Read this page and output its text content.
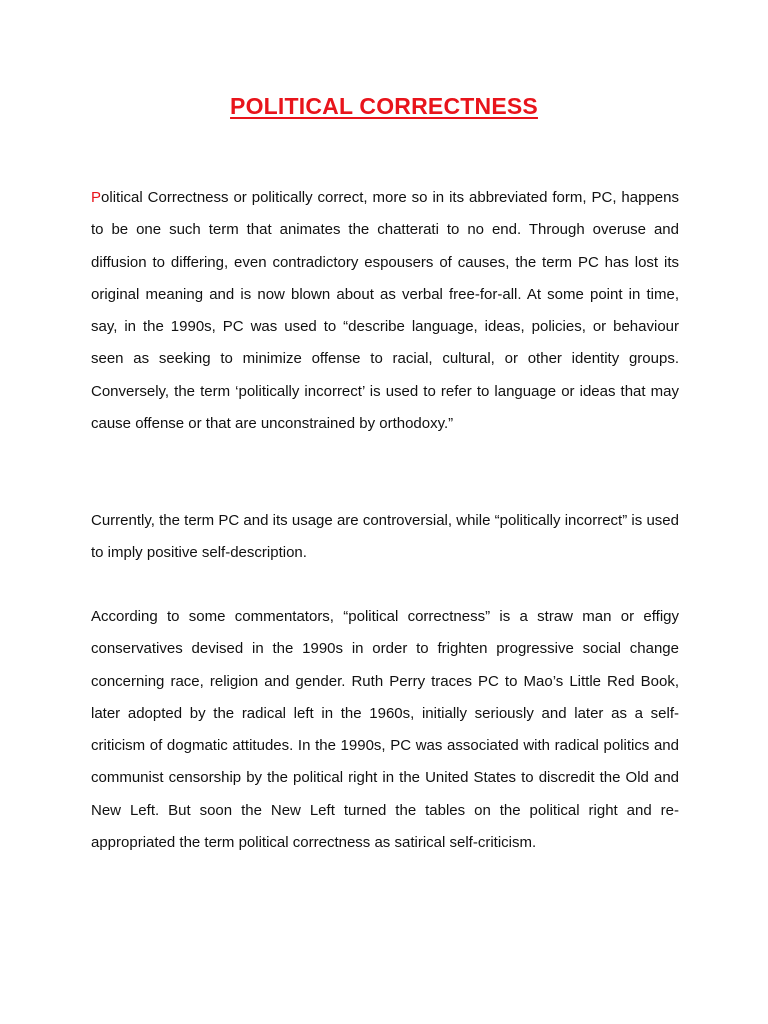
POLITICAL CORRECTNESS

Political Correctness or politically correct, more so in its abbreviated form, PC, happens to be one such term that animates the chatterati to no end. Through overuse and diffusion to differing, even contradictory espousers of causes, the term PC has lost its original meaning and is now blown about as verbal free-for-all. At some point in time, say, in the 1990s, PC was used to “describe language, ideas, policies, or behaviour seen as seeking to minimize offense to racial, cultural, or other identity groups. Conversely, the term ‘politically incorrect’ is used to refer to language or ideas that may cause offense or that are unconstrained by orthodoxy.”

Currently, the term PC and its usage are controversial, while “politically incorrect” is used to imply positive self-description.

According to some commentators, “political correctness” is a straw man or effigy conservatives devised in the 1990s in order to frighten progressive social change concerning race, religion and gender. Ruth Perry traces PC to Mao’s Little Red Book, later adopted by the radical left in the 1960s, initially seriously and later as a self-criticism of dogmatic attitudes. In the 1990s, PC was associated with radical politics and communist censorship by the political right in the United States to discredit the Old and New Left. But soon the New Left turned the tables on the political right and re-appropriated the term political correctness as satirical self-criticism.
